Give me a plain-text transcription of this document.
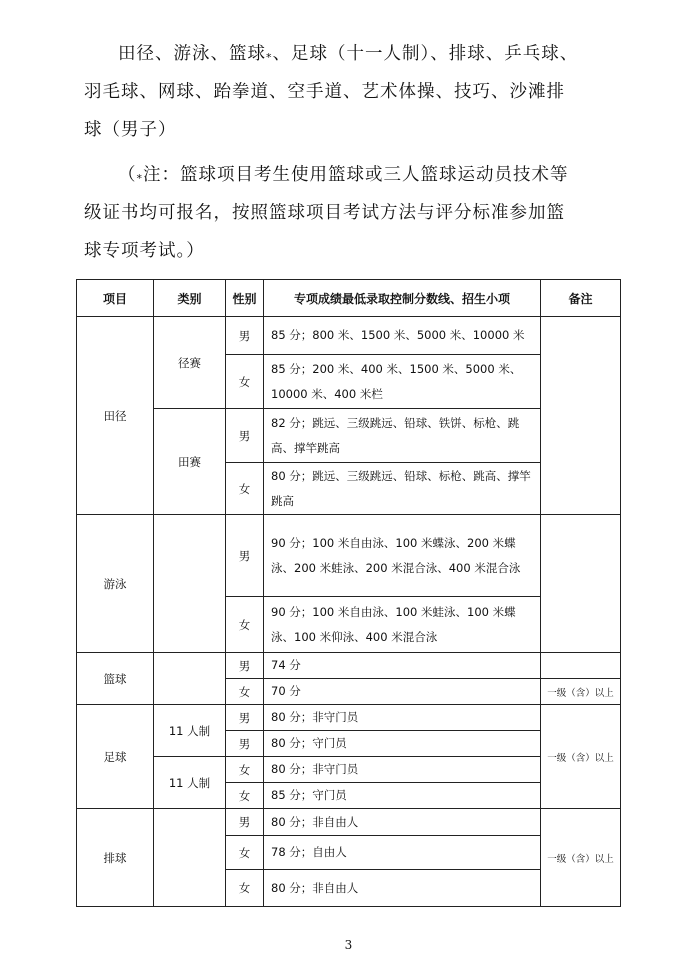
田径、游泳、篮球*、足球（十一人制）、排球、乒乓球、
羽毛球、网球、跆拳道、空手道、艺术体操、技巧、沙滩排
球（男子）
（*注：篮球项目考生使用篮球或三人篮球运动员技术等
级证书均可报名，按照篮球项目考试方法与评分标准参加篮
球专项考试。）
项目	类别	性别	专项成绩最低录取控制分数线、招生小项	备注
田径	径赛	男	85 分；800 米、1500 米、5000 米、10000 米	
		女	85 分；200 米、400 米、1500 米、5000 米、10000 米、400 米栏	
	田赛	男	82 分；跳远、三级跳远、铅球、铁饼、标枪、跳高、撑竿跳高	
		女	80 分；跳远、三级跳远、铅球、标枪、跳高、撑竿跳高	
游泳		男	90 分；100 米自由泳、100 米蝶泳、200 米蝶泳、200 米蛙泳、200 米混合泳、400 米混合泳	
		女	90 分；100 米自由泳、100 米蛙泳、100 米蝶泳、100 米仰泳、400 米混合泳	
篮球		男	74 分	
		女	70 分	一级（含）以上
足球	11 人制	男	80 分；非守门员	一级（含）以上
		男	80 分；守门员	
	11 人制	女	80 分；非守门员	
		女	85 分；守门员	
排球		男	80 分；非自由人	一级（含）以上
		女	78 分；自由人	
		女	80 分；非自由人	
3
